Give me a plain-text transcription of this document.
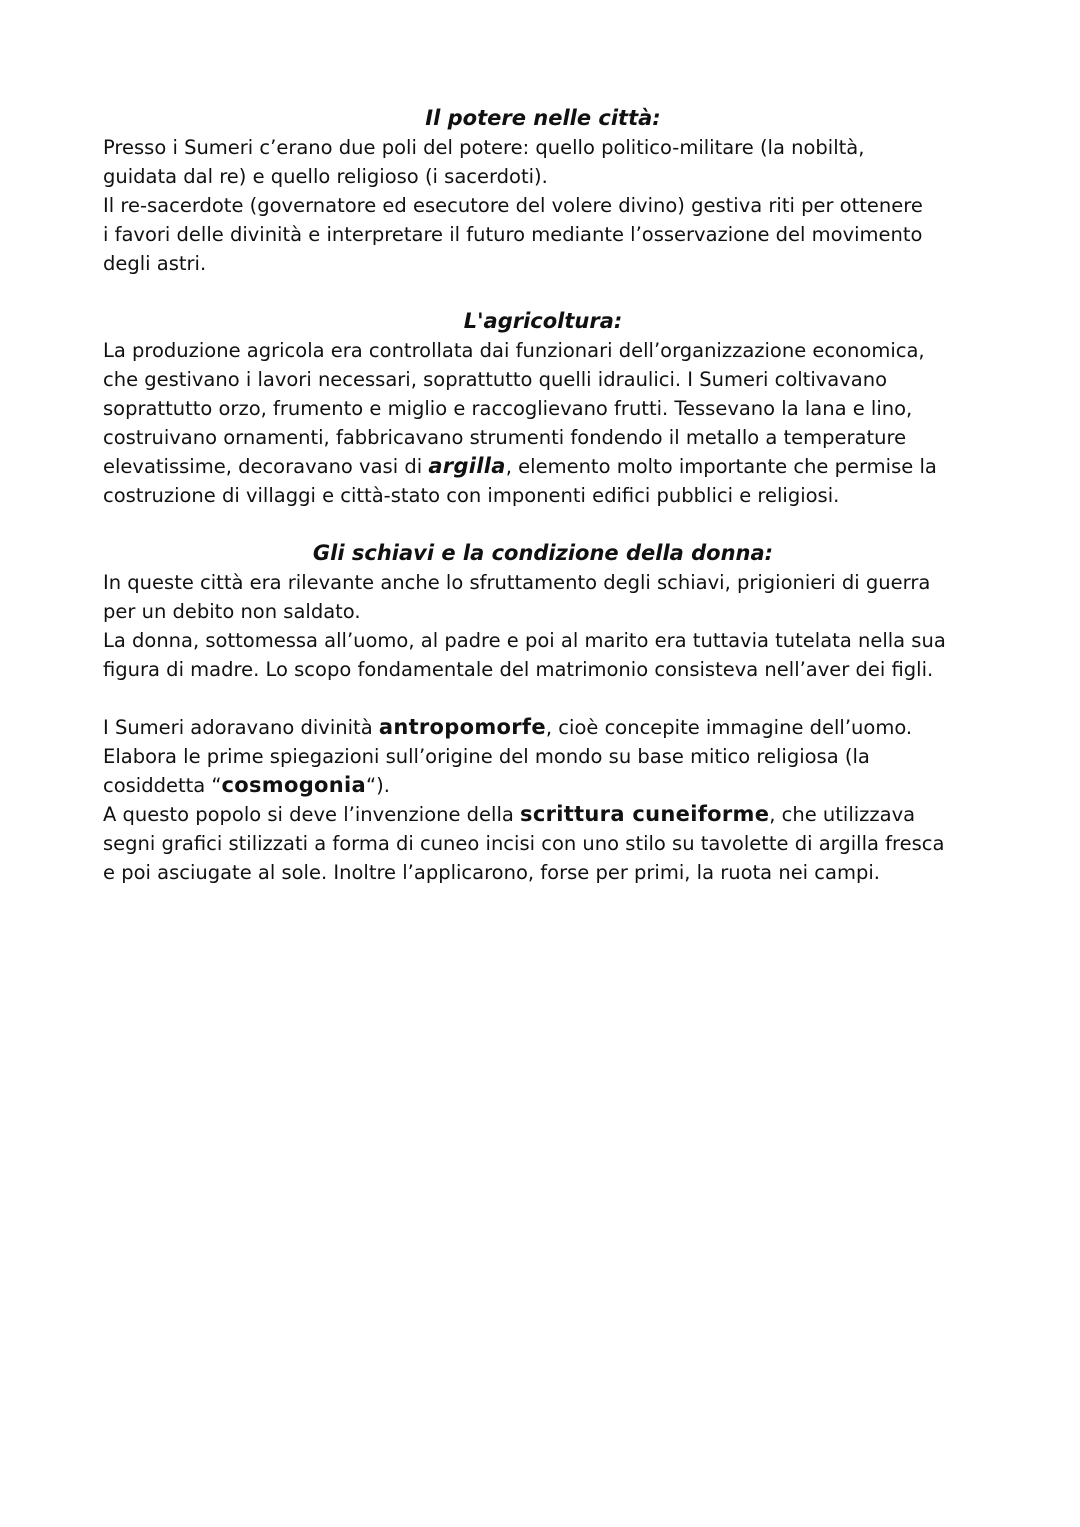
Il potere nelle città:

Presso i Sumeri c’erano due poli del potere: quello politico-militare (la nobiltà,
guidata dal re) e quello religioso (i sacerdoti).
Il re-sacerdote (governatore ed esecutore del volere divino) gestiva riti per ottenere
i favori delle divinità e interpretare il futuro mediante l’osservazione del movimento
degli astri.

L'agricoltura:

La produzione agricola era controllata dai funzionari dell’organizzazione economica,
che gestivano i lavori necessari, soprattutto quelli idraulici. I Sumeri coltivavano
soprattutto orzo, frumento e miglio e raccoglievano frutti. Tessevano la lana e lino,
costruivano ornamenti, fabbricavano strumenti fondendo il metallo a temperature
elevatissime, decoravano vasi di argilla, elemento molto importante che permise la
costruzione di villaggi e città-stato con imponenti edifici pubblici e religiosi.

Gli schiavi e la condizione della donna:

In queste città era rilevante anche lo sfruttamento degli schiavi, prigionieri di guerra
per un debito non saldato.
La donna, sottomessa all’uomo, al padre e poi al marito era tuttavia tutelata nella sua
figura di madre. Lo scopo fondamentale del matrimonio consisteva nell’aver dei figli.

I Sumeri adoravano divinità antropomorfe, cioè concepite immagine dell’uomo.
Elabora le prime spiegazioni sull’origine del mondo su base mitico religiosa (la
cosiddetta “cosmogonia“).
A questo popolo si deve l’invenzione della scrittura cuneiforme, che utilizzava
segni grafici stilizzati a forma di cuneo incisi con uno stilo su tavolette di argilla fresca
e poi asciugate al sole. Inoltre l’applicarono, forse per primi, la ruota nei campi.
